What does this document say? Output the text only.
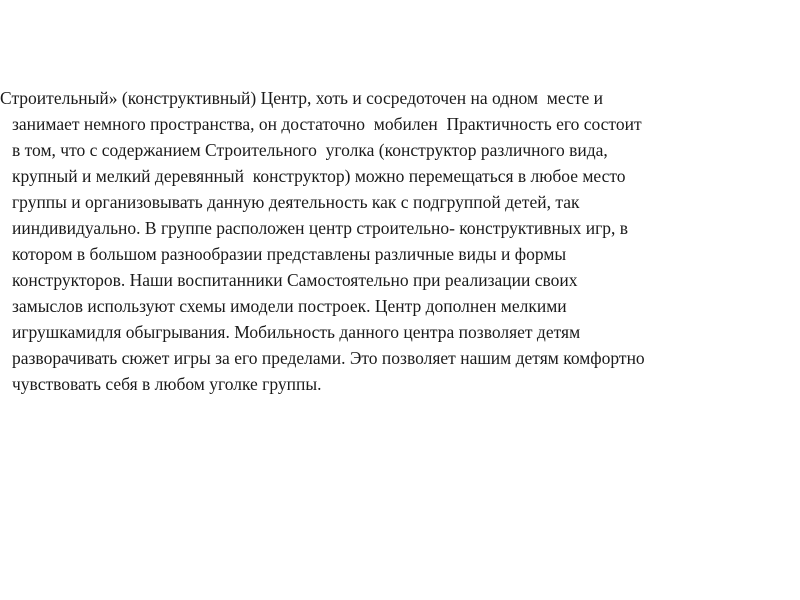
Строительный» (конструктивный) Центр, хоть и сосредоточен на одном  месте и
занимает немного пространства, он достаточно  мобилен  Практичность его состоит
в том, что с содержанием Строительного  уголка (конструктор различного вида,
крупный и мелкий деревянный  конструктор) можно перемещаться в любое место
группы и организовывать данную деятельность как с подгруппой детей, так
ииндивидуально. В группе расположен центр строительно- конструктивных игр, в
котором в большом разнообразии представлены различные виды и формы
конструкторов. Наши воспитанники Самостоятельно при реализации своих
замыслов используют схемы имодели построек. Центр дополнен мелкими
игрушкамидля обыгрывания. Мобильность данного центра позволяет детям
разворачивать сюжет игры за его пределами. Это позволяет нашим детям комфортно
чувствовать себя в любом уголке группы.
